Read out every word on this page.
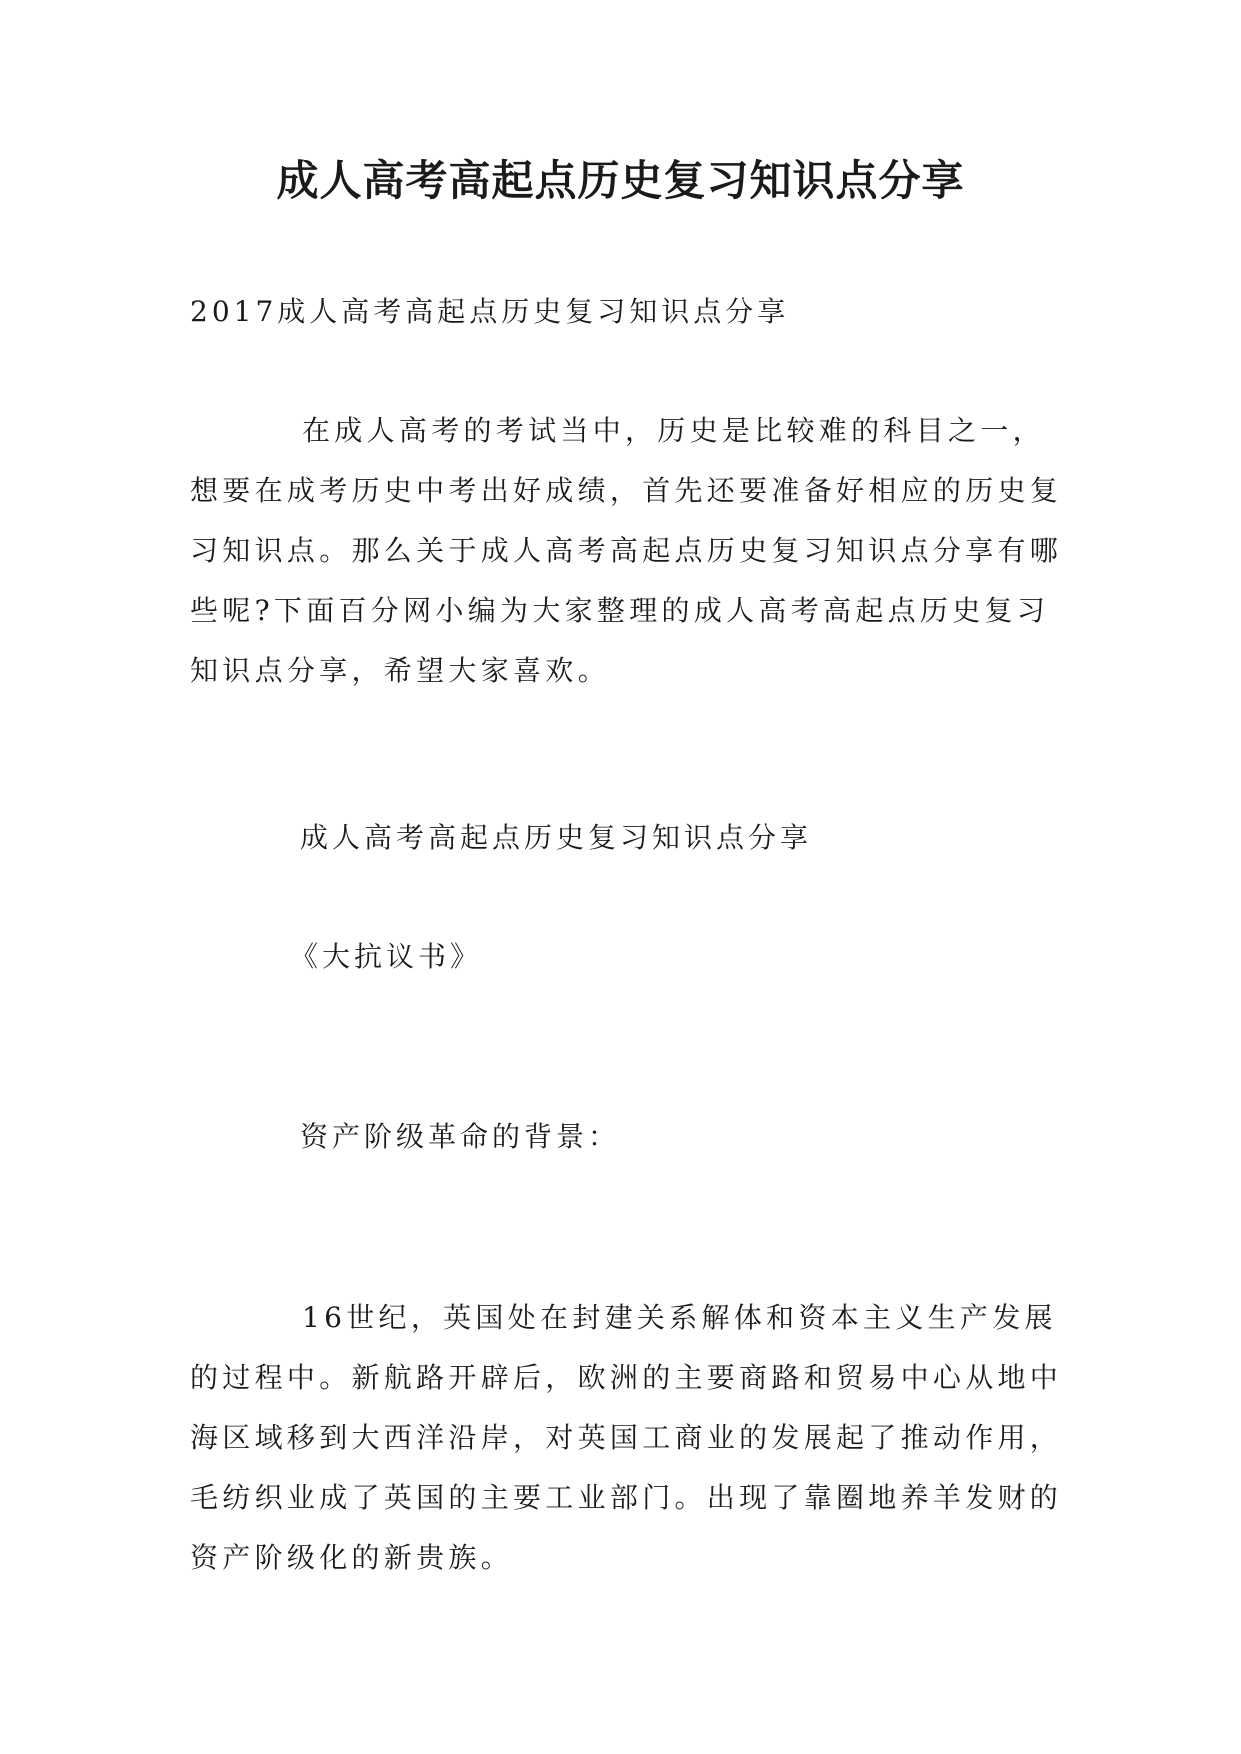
成人高考高起点历史复习知识点分享

2017成人高考高起点历史复习知识点分享

在成人高考的考试当中，历史是比较难的科目之一，想要在成考历史中考出好成绩，首先还要准备好相应的历史复习知识点。那么关于成人高考高起点历史复习知识点分享有哪些呢?下面百分网小编为大家整理的成人高考高起点历史复习知识点分享，希望大家喜欢。

成人高考高起点历史复习知识点分享

《大抗议书》

资产阶级革命的背景：

16世纪，英国处在封建关系解体和资本主义生产发展的过程中。新航路开辟后，欧洲的主要商路和贸易中心从地中海区域移到大西洋沿岸，对英国工商业的发展起了推动作用，毛纺织业成了英国的主要工业部门。出现了靠圈地养羊发财的资产阶级化的新贵族。
